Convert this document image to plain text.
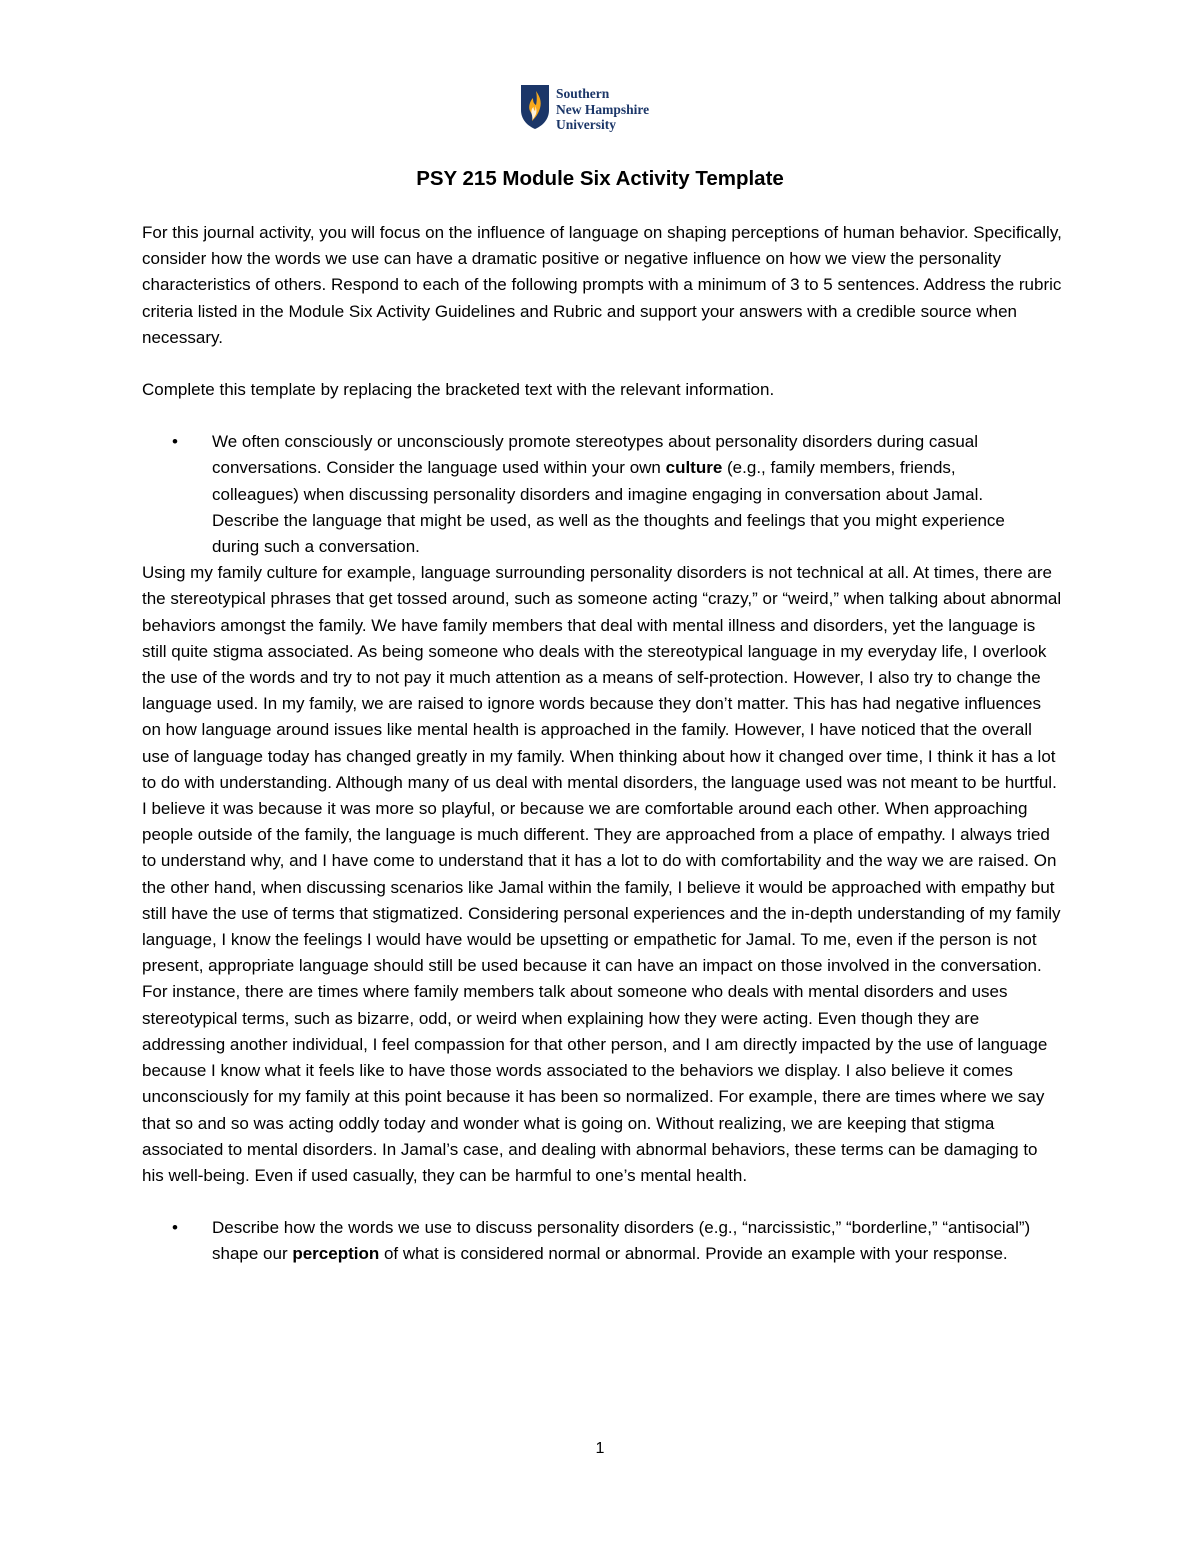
Southern
New Hampshire
University
PSY 215 Module Six Activity Template

For this journal activity, you will focus on the influence of language on shaping perceptions of human behavior. Specifically, consider how the words we use can have a dramatic positive or negative influence on how we view the personality characteristics of others. Respond to each of the following prompts with a minimum of 3 to 5 sentences. Address the rubric criteria listed in the Module Six Activity Guidelines and Rubric and support your answers with a credible source when necessary.

Complete this template by replacing the bracketed text with the relevant information.

• We often consciously or unconsciously promote stereotypes about personality disorders during casual conversations. Consider the language used within your own culture (e.g., family members, friends, colleagues) when discussing personality disorders and imagine engaging in conversation about Jamal. Describe the language that might be used, as well as the thoughts and feelings that you might experience during such a conversation.

Using my family culture for example, language surrounding personality disorders is not technical at all. At times, there are the stereotypical phrases that get tossed around, such as someone acting “crazy,” or “weird,” when talking about abnormal behaviors amongst the family. We have family members that deal with mental illness and disorders, yet the language is still quite stigma associated. As being someone who deals with the stereotypical language in my everyday life, I overlook the use of the words and try to not pay it much attention as a means of self-protection. However, I also try to change the language used. In my family, we are raised to ignore words because they don’t matter. This has had negative influences on how language around issues like mental health is approached in the family. However, I have noticed that the overall use of language today has changed greatly in my family. When thinking about how it changed over time, I think it has a lot to do with understanding. Although many of us deal with mental disorders, the language used was not meant to be hurtful. I believe it was because it was more so playful, or because we are comfortable around each other. When approaching people outside of the family, the language is much different. They are approached from a place of empathy. I always tried to understand why, and I have come to understand that it has a lot to do with comfortability and the way we are raised. On the other hand, when discussing scenarios like Jamal within the family, I believe it would be approached with empathy but still have the use of terms that stigmatized. Considering personal experiences and the in-depth understanding of my family language, I know the feelings I would have would be upsetting or empathetic for Jamal. To me, even if the person is not present, appropriate language should still be used because it can have an impact on those involved in the conversation. For instance, there are times where family members talk about someone who deals with mental disorders and uses stereotypical terms, such as bizarre, odd, or weird when explaining how they were acting. Even though they are addressing another individual, I feel compassion for that other person, and I am directly impacted by the use of language because I know what it feels like to have those words associated to the behaviors we display. I also believe it comes unconsciously for my family at this point because it has been so normalized. For example, there are times where we say that so and so was acting oddly today and wonder what is going on. Without realizing, we are keeping that stigma associated to mental disorders. In Jamal’s case, and dealing with abnormal behaviors, these terms can be damaging to his well-being. Even if used casually, they can be harmful to one’s mental health.

• Describe how the words we use to discuss personality disorders (e.g., “narcissistic,” “borderline,” “antisocial”) shape our perception of what is considered normal or abnormal. Provide an example with your response.
1
